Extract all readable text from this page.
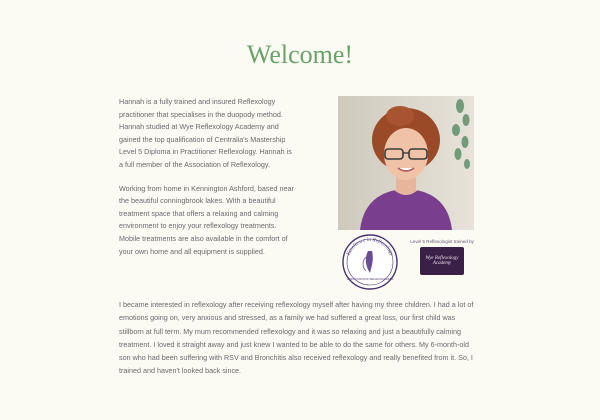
Welcome!

Hannah is a fully trained and insured Reflexology practitioner that specialises in the duopody method. Hannah studied at Wye Reflexology Academy and gained the top qualification of Centralia's Mastership Level 5 Diploma in Practitioner Reflexology. Hannah is a full member of the Association of Reflexology.

Working from home in Kennington Ashford, based near the beautiful conningbrook lakes. With a beautiful treatment space that offers a relaxing and calming environment to enjoy your reflexology treatments. Mobile treatments are also available in the comfort of your own home and all equipment is supplied.	Excellence in Reflexology
ASSOCIATION OF REFLEXOLOGISTS
Level 5 Reflexologist trained by
Wye Reflexology Academy

I became interested in reflexology after receiving reflexology myself after having my three children. I had a lot of emotions going on, very anxious and stressed, as a family we had suffered a great loss, our first child was stillborn at full term. My mum recommended reflexology and it was so relaxing and just a beautifully calming treatment. I loved it straight away and just knew I wanted to be able to do the same for others. My 6-month-old son who had been suffering with RSV and Bronchitis also received reflexology and really benefited from it. So, I trained and haven't looked back since.
